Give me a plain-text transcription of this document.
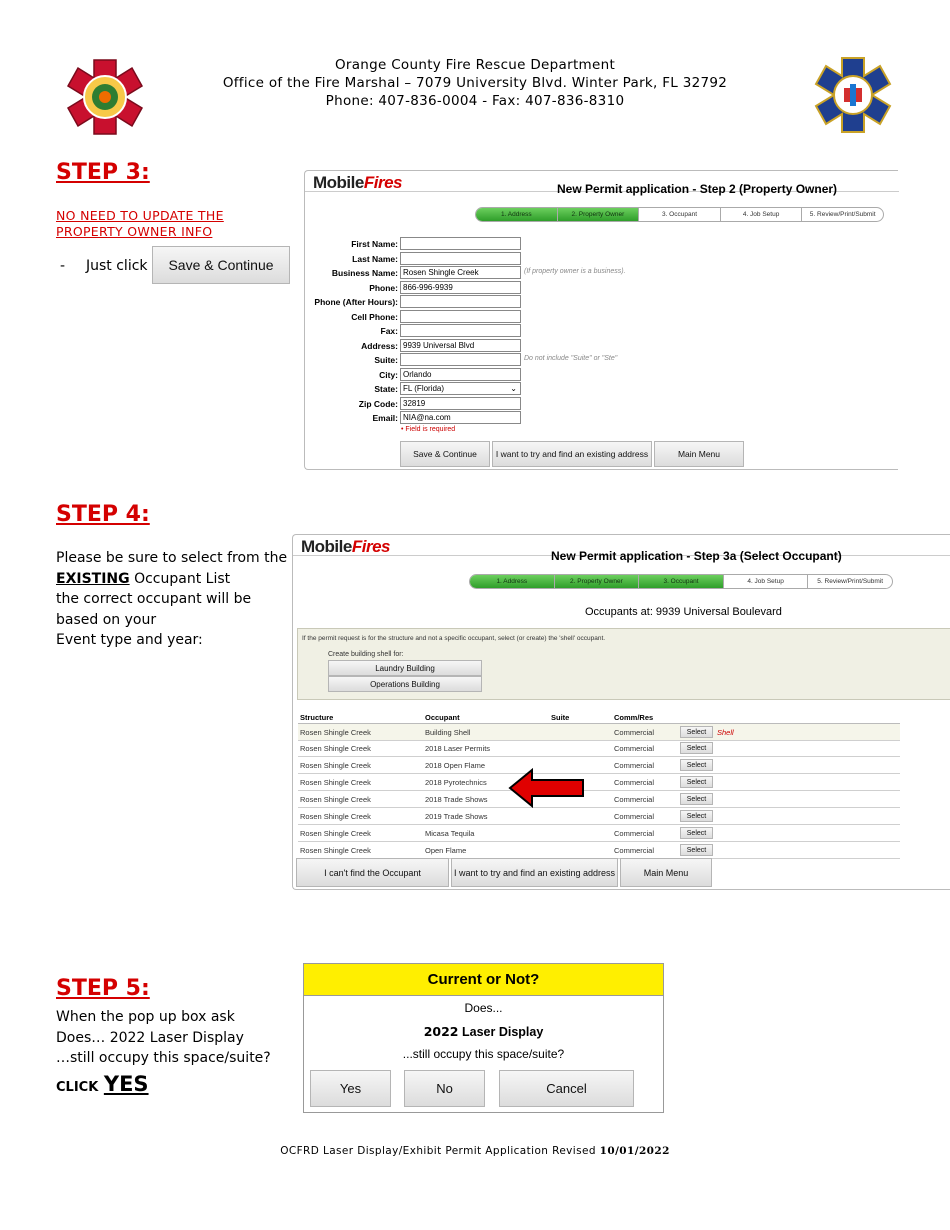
Orange County Fire Rescue Department
Office of the Fire Marshal – 7079 University Blvd. Winter Park, FL 32792
Phone: 407-836-0004 - Fax: 407-836-8310
STEP 3:
NO NEED TO UPDATE THE
PROPERTY OWNER INFO
- Just click	Save & Continue
MobileFires	New Permit application - Step 2 (Property Owner)
1. Address	2. Property Owner	3. Occupant	4. Job Setup	5. Review/Print/Submit
First Name:
Last Name:
Business Name: Rosen Shingle Creek	(If property owner is a business).
Phone: 866-996-9939
Phone (After Hours):
Cell Phone:
Fax:
Address: 9939 Universal Blvd
Suite:	Do not include "Suite" or "Ste"
City: Orlando
State: FL (Florida)	⌄
Zip Code: 32819
Email: NIA@na.com
• Field is required
Save & Continue	I want to try and find an existing address	Main Menu
STEP 4:
Please be sure to select from the
EXISTING Occupant List
the correct occupant will be
based on your
Event type and year:
MobileFires	New Permit application - Step 3a (Select Occupant)
1. Address	2. Property Owner	3. Occupant	4. Job Setup	5. Review/Print/Submit
Occupants at: 9939 Universal Boulevard
If the permit request is for the structure and not a specific occupant, select (or create) the 'shell' occupant.
Create building shell for:
Laundry Building
Operations Building
Structure	Occupant	Suite	Comm/Res
Rosen Shingle Creek	Building Shell	Commercial	Select	Shell
Rosen Shingle Creek	2018 Laser Permits	Commercial	Select
Rosen Shingle Creek	2018 Open Flame	Commercial	Select
Rosen Shingle Creek	2018 Pyrotechnics	Commercial	Select
Rosen Shingle Creek	2018 Trade Shows	Commercial	Select
Rosen Shingle Creek	2019 Trade Shows	Commercial	Select
Rosen Shingle Creek	Micasa Tequila	Commercial	Select
Rosen Shingle Creek	Open Flame	Commercial	Select
I can't find the Occupant	I want to try and find an existing address	Main Menu
STEP 5:
When the pop up box ask
Does… 2022 Laser Display
…still occupy this space/suite?
CLICK YES
Current or Not?
Does...
2022 Laser Display
...still occupy this space/suite?
Yes	No	Cancel
OCFRD Laser Display/Exhibit Permit Application Revised 10/01/2022
